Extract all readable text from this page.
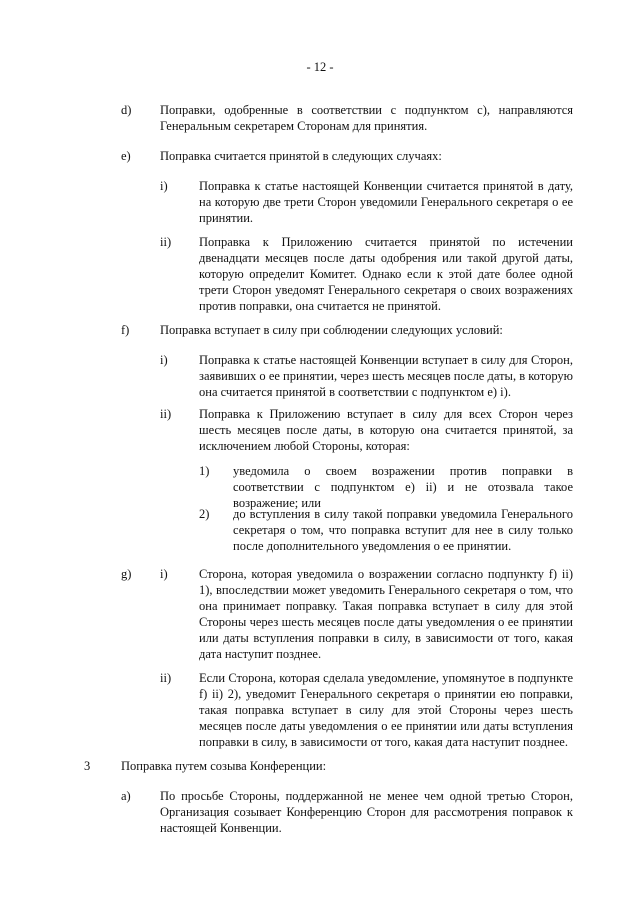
- 12 -
d) Поправки, одобренные в соответствии с подпунктом c), направляются Генеральным секретарем Сторонам для принятия.
e) Поправка считается принятой в следующих случаях:
i)	Поправка к статье настоящей Конвенции считается принятой в дату, на которую две трети Сторон уведомили Генерального секретаря о ее принятии.
ii) Поправка к Приложению считается принятой по истечении двенадцати месяцев после даты одобрения или такой другой даты, которую определит Комитет. Однако если к этой дате более одной трети Сторон уведомят Генерального секретаря о своих возражениях против поправки, она считается не принятой.
f) Поправка вступает в силу при соблюдении следующих условий:
i)	Поправка к статье настоящей Конвенции вступает в силу для Сторон, заявивших о ее принятии, через шесть месяцев после даты, в которую она считается принятой в соответствии с подпунктом e) i).
ii) Поправка к Приложению вступает в силу для всех Сторон через шесть месяцев после даты, в которую она считается принятой, за исключением любой Стороны, которая:
1) уведомила о своем возражении против поправки в соответствии с подпунктом e) ii) и не отозвала такое возражение; или
2) до вступления в силу такой поправки уведомила Генерального секретаря о том, что поправка вступит для нее в силу только после дополнительного уведомления о ее принятии.
g) i)	Сторона, которая уведомила о возражении согласно подпункту f) ii) 1), впоследствии может уведомить Генерального секретаря о том, что она принимает поправку. Такая поправка вступает в силу для этой Стороны через шесть месяцев после даты уведомления о ее принятии или даты вступления поправки в силу, в зависимости от того, какая дата наступит позднее.
ii) Если Сторона, которая сделала уведомление, упомянутое в подпункте f) ii) 2), уведомит Генерального секретаря о принятии ею поправки, такая поправка вступает в силу для этой Стороны через шесть месяцев после даты уведомления о ее принятии или даты вступления поправки в силу, в зависимости от того, какая дата наступит позднее.
3 Поправка путем созыва Конференции:
a) По просьбе Стороны, поддержанной не менее чем одной третью Сторон, Организация созывает Конференцию Сторон для рассмотрения поправок к настоящей Конвенции.
